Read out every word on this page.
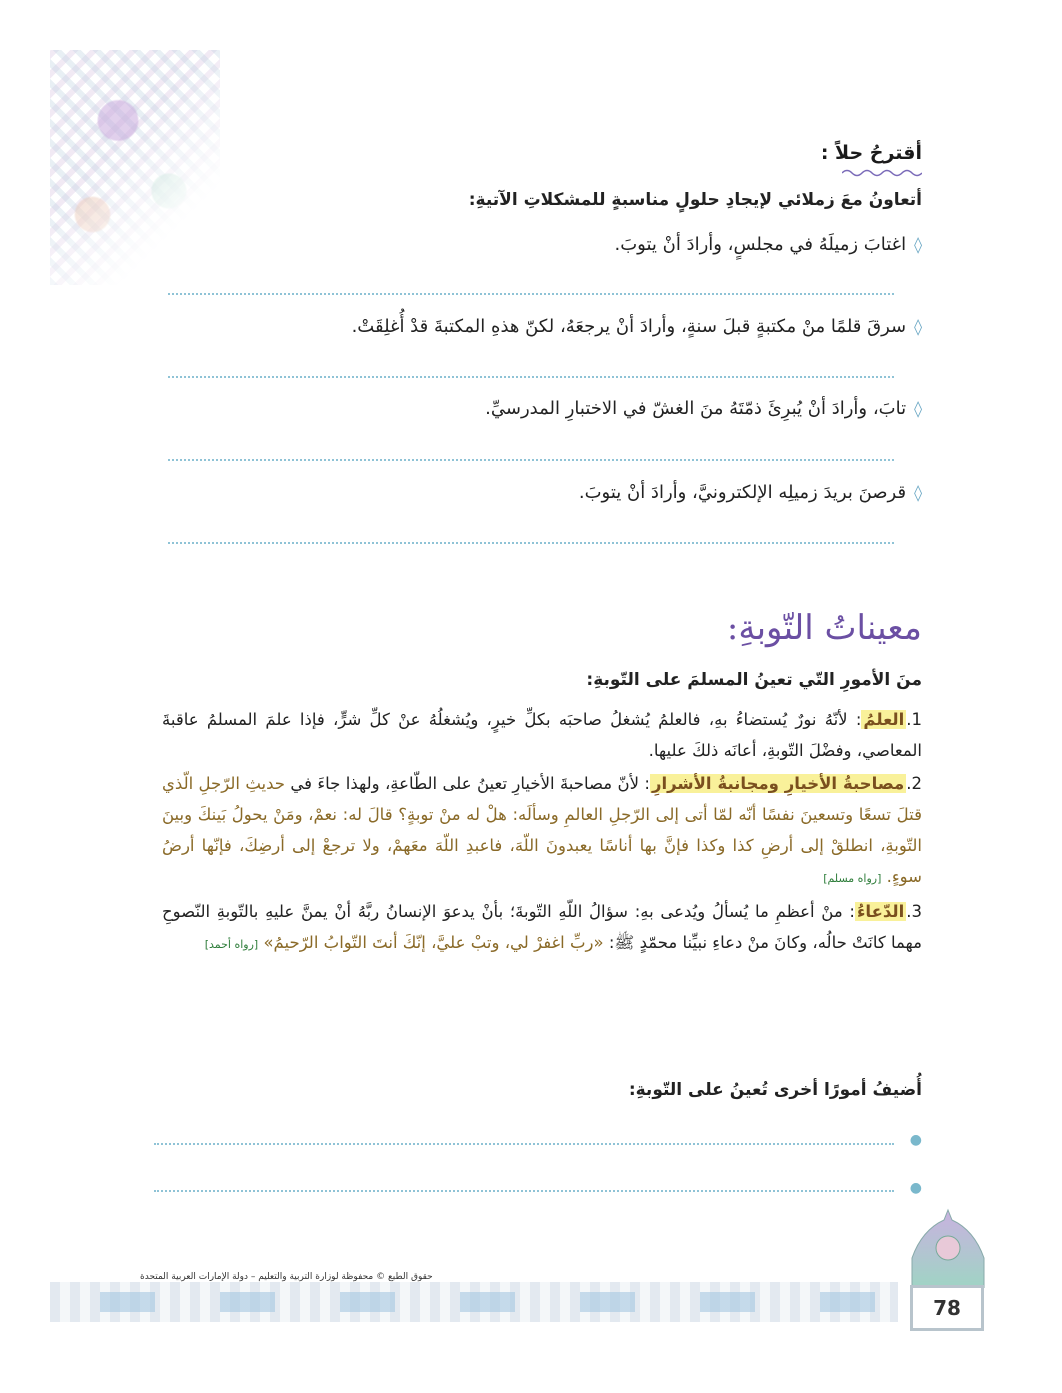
أقترحُ حلاً :

أتعاونُ معَ زملائي لإيجادِ حلولٍ مناسبةٍ للمشكلاتِ الآتيةِ:

◊
اغتابَ زميلَهُ في مجلسٍ، وأرادَ أنْ يتوبَ.

◊
سرقَ قلمًا منْ مكتبةٍ قبلَ سنةٍ، وأرادَ أنْ يرجعَهُ، لكنّ هذهِ المكتبةَ قدْ أُغلِقَتْ.

◊
تابَ، وأرادَ أنْ يُبرِئَ ذمّتَهُ منَ الغشّ في الاختبارِ المدرسيِّ.

◊
قرصنَ بريدَ زميلِه الإلكترونيَّ، وأرادَ أنْ يتوبَ.

معيناتُ التّوبةِ:

منَ الأمورِ التّي تعينُ المسلمَ على التّوبةِ:

1.العلمُ: لأنّهُ نورٌ يُستضاءُ بهِ، فالعلمُ يُشغلُ صاحبَه بكلِّ خيرٍ، ويُشغلُهُ عنْ كلِّ شرٍّ، فإذا علمَ المسلمُ عاقبةَ المعاصي، وفضْلَ التّوبةِ، أعانَه ذلكَ عليها.
2.مصاحبةُ الأخيارِ ومجانبةُ الأشرارِ: لأنّ مصاحبةَ الأخيارِ تعينُ على الطّاعةِ، ولهذا جاءَ في حديثِ الرّجلِ الّذي قتلَ تسعًا وتسعينَ نفسًا أنّه لمّا أتى إلى الرّجلِ العالمِ وسألَه: هلْ له منْ توبةٍ؟ قالَ له: نعمْ، ومَنْ يحولُ بَينكَ وبينَ التّوبةِ، انطلقْ إلى أرضِ كذا وكذا فإنَّ بها أناسًا يعبدونَ اللّهَ، فاعبدِ اللّهَ معَهمْ، ولا ترجعْ إلى أرضِكَ، فإنّها أرضُ سوءٍ. [رواه مسلم]
3.الدّعاءُ: منْ أعظمِ ما يُسألُ ويُدعى بهِ: سؤالُ اللّهِ التّوبةَ؛ بأنْ يدعوَ الإنسانُ ربَّهُ أنْ يمنَّ عليهِ بالتّوبةِ النّصوحِ مهما كانَتْ حالُه، وكانَ منْ دعاءِ نبيِّنا محمّدٍ ﷺ: «ربِّ اغفرْ لي، وتبْ عليَّ، إنّكَ أنتَ التّوابُ الرّحيمُ» [رواه أحمد]

أُضيفُ أمورًا أخرى تُعينُ على التّوبةِ:

●
●

حقوق الطبع © محفوظة لوزارة التربية والتعليم – دولة الإمارات العربية المتحدة

78
